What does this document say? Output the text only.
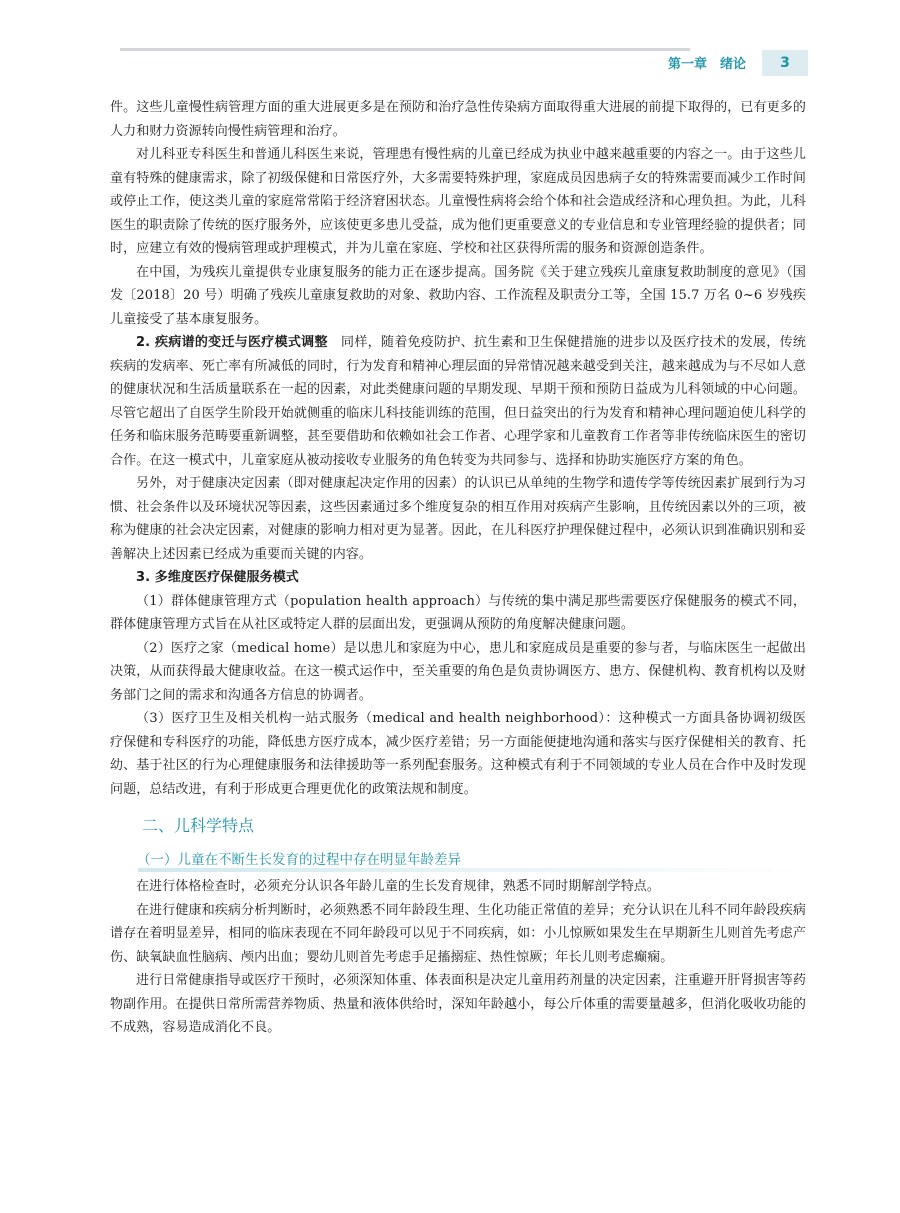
第一章　绪论	3

件。这些儿童慢性病管理方面的重大进展更多是在预防和治疗急性传染病方面取得重大进展的前提下取得的，已有更多的人力和财力资源转向慢性病管理和治疗。

对儿科亚专科医生和普通儿科医生来说，管理患有慢性病的儿童已经成为执业中越来越重要的内容之一。由于这些儿童有特殊的健康需求，除了初级保健和日常医疗外，大多需要特殊护理，家庭成员因患病子女的特殊需要而减少工作时间或停止工作，使这类儿童的家庭常常陷于经济窘困状态。儿童慢性病将会给个体和社会造成经济和心理负担。为此，儿科医生的职责除了传统的医疗服务外，应该使更多患儿受益，成为他们更重要意义的专业信息和专业管理经验的提供者；同时，应建立有效的慢病管理或护理模式，并为儿童在家庭、学校和社区获得所需的服务和资源创造条件。

在中国，为残疾儿童提供专业康复服务的能力正在逐步提高。国务院《关于建立残疾儿童康复救助制度的意见》（国发〔2018〕20 号）明确了残疾儿童康复救助的对象、救助内容、工作流程及职责分工等，全国 15.7 万名 0~6 岁残疾儿童接受了基本康复服务。

2. 疾病谱的变迁与医疗模式调整　同样，随着免疫防护、抗生素和卫生保健措施的进步以及医疗技术的发展，传统疾病的发病率、死亡率有所减低的同时，行为发育和精神心理层面的异常情况越来越受到关注，越来越成为与不尽如人意的健康状况和生活质量联系在一起的因素，对此类健康问题的早期发现、早期干预和预防日益成为儿科领域的中心问题。尽管它超出了自医学生阶段开始就侧重的临床儿科技能训练的范围，但日益突出的行为发育和精神心理问题迫使儿科学的任务和临床服务范畴要重新调整，甚至要借助和依赖如社会工作者、心理学家和儿童教育工作者等非传统临床医生的密切合作。在这一模式中，儿童家庭从被动接收专业服务的角色转变为共同参与、选择和协助实施医疗方案的角色。

另外，对于健康决定因素（即对健康起决定作用的因素）的认识已从单纯的生物学和遗传学等传统因素扩展到行为习惯、社会条件以及环境状况等因素，这些因素通过多个维度复杂的相互作用对疾病产生影响，且传统因素以外的三项，被称为健康的社会决定因素，对健康的影响力相对更为显著。因此，在儿科医疗护理保健过程中，必须认识到准确识别和妥善解决上述因素已经成为重要而关键的内容。

3. 多维度医疗保健服务模式

（1）群体健康管理方式（population health approach）与传统的集中满足那些需要医疗保健服务的模式不同，群体健康管理方式旨在从社区或特定人群的层面出发，更强调从预防的角度解决健康问题。

（2）医疗之家（medical home）是以患儿和家庭为中心，患儿和家庭成员是重要的参与者，与临床医生一起做出决策，从而获得最大健康收益。在这一模式运作中，至关重要的角色是负责协调医方、患方、保健机构、教育机构以及财务部门之间的需求和沟通各方信息的协调者。

（3）医疗卫生及相关机构一站式服务（medical and health neighborhood）：这种模式一方面具备协调初级医疗保健和专科医疗的功能，降低患方医疗成本，减少医疗差错；另一方面能便捷地沟通和落实与医疗保健相关的教育、托幼、基于社区的行为心理健康服务和法律援助等一系列配套服务。这种模式有利于不同领域的专业人员在合作中及时发现问题，总结改进，有利于形成更合理更优化的政策法规和制度。

二、儿科学特点
（一）儿童在不断生长发育的过程中存在明显年龄差异

在进行体格检查时，必须充分认识各年龄儿童的生长发育规律，熟悉不同时期解剖学特点。

在进行健康和疾病分析判断时，必须熟悉不同年龄段生理、生化功能正常值的差异；充分认识在儿科不同年龄段疾病谱存在着明显差异，相同的临床表现在不同年龄段可以见于不同疾病，如：小儿惊厥如果发生在早期新生儿则首先考虑产伤、缺氧缺血性脑病、颅内出血；婴幼儿则首先考虑手足搐搦症、热性惊厥；年长儿则考虑癫痫。

进行日常健康指导或医疗干预时，必须深知体重、体表面积是决定儿童用药剂量的决定因素，注重避开肝肾损害等药物副作用。在提供日常所需营养物质、热量和液体供给时，深知年龄越小，每公斤体重的需要量越多，但消化吸收功能的不成熟，容易造成消化不良。
